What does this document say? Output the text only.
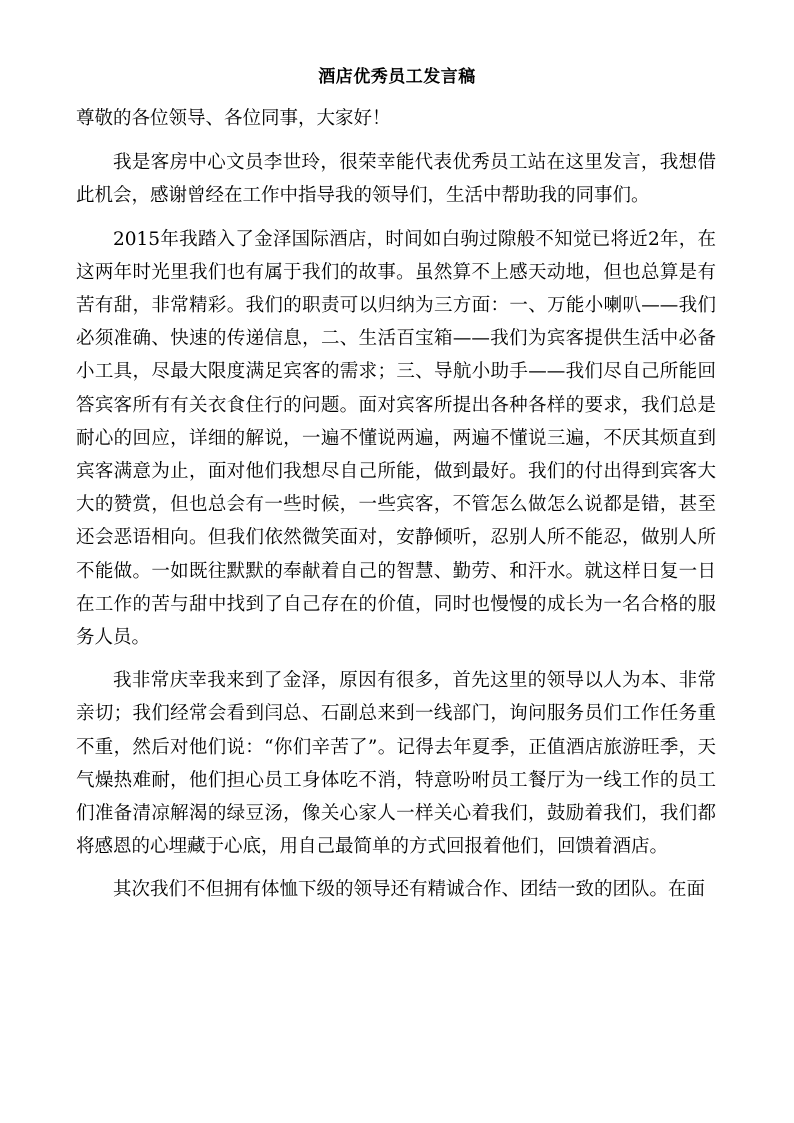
酒店优秀员工发言稿

尊敬的各位领导、各位同事，大家好！

我是客房中心文员李世玲，很荣幸能代表优秀员工站在这里发言，我想借此机会，感谢曾经在工作中指导我的领导们，生活中帮助我的同事们。

2015年我踏入了金泽国际酒店，时间如白驹过隙般不知觉已将近2年，在这两年时光里我们也有属于我们的故事。虽然算不上感天动地，但也总算是有苦有甜，非常精彩。我们的职责可以归纳为三方面：一、万能小喇叭——我们必须准确、快速的传递信息，二、生活百宝箱——我们为宾客提供生活中必备小工具，尽最大限度满足宾客的需求；三、导航小助手——我们尽自己所能回答宾客所有有关衣食住行的问题。面对宾客所提出各种各样的要求，我们总是耐心的回应，详细的解说，一遍不懂说两遍，两遍不懂说三遍，不厌其烦直到宾客满意为止，面对他们我想尽自己所能，做到最好。我们的付出得到宾客大大的赞赏，但也总会有一些时候，一些宾客，不管怎么做怎么说都是错，甚至还会恶语相向。但我们依然微笑面对，安静倾听，忍别人所不能忍，做别人所不能做。一如既往默默的奉献着自己的智慧、勤劳、和汗水。就这样日复一日在工作的苦与甜中找到了自己存在的价值，同时也慢慢的成长为一名合格的服务人员。

我非常庆幸我来到了金泽，原因有很多，首先这里的领导以人为本、非常亲切；我们经常会看到闫总、石副总来到一线部门，询问服务员们工作任务重不重，然后对他们说：“你们辛苦了”。记得去年夏季，正值酒店旅游旺季，天气燥热难耐，他们担心员工身体吃不消，特意吩咐员工餐厅为一线工作的员工们准备清凉解渴的绿豆汤，像关心家人一样关心着我们，鼓励着我们，我们都将感恩的心埋藏于心底，用自己最简单的方式回报着他们，回馈着酒店。

其次我们不但拥有体恤下级的领导还有精诚合作、团结一致的团队。在面
